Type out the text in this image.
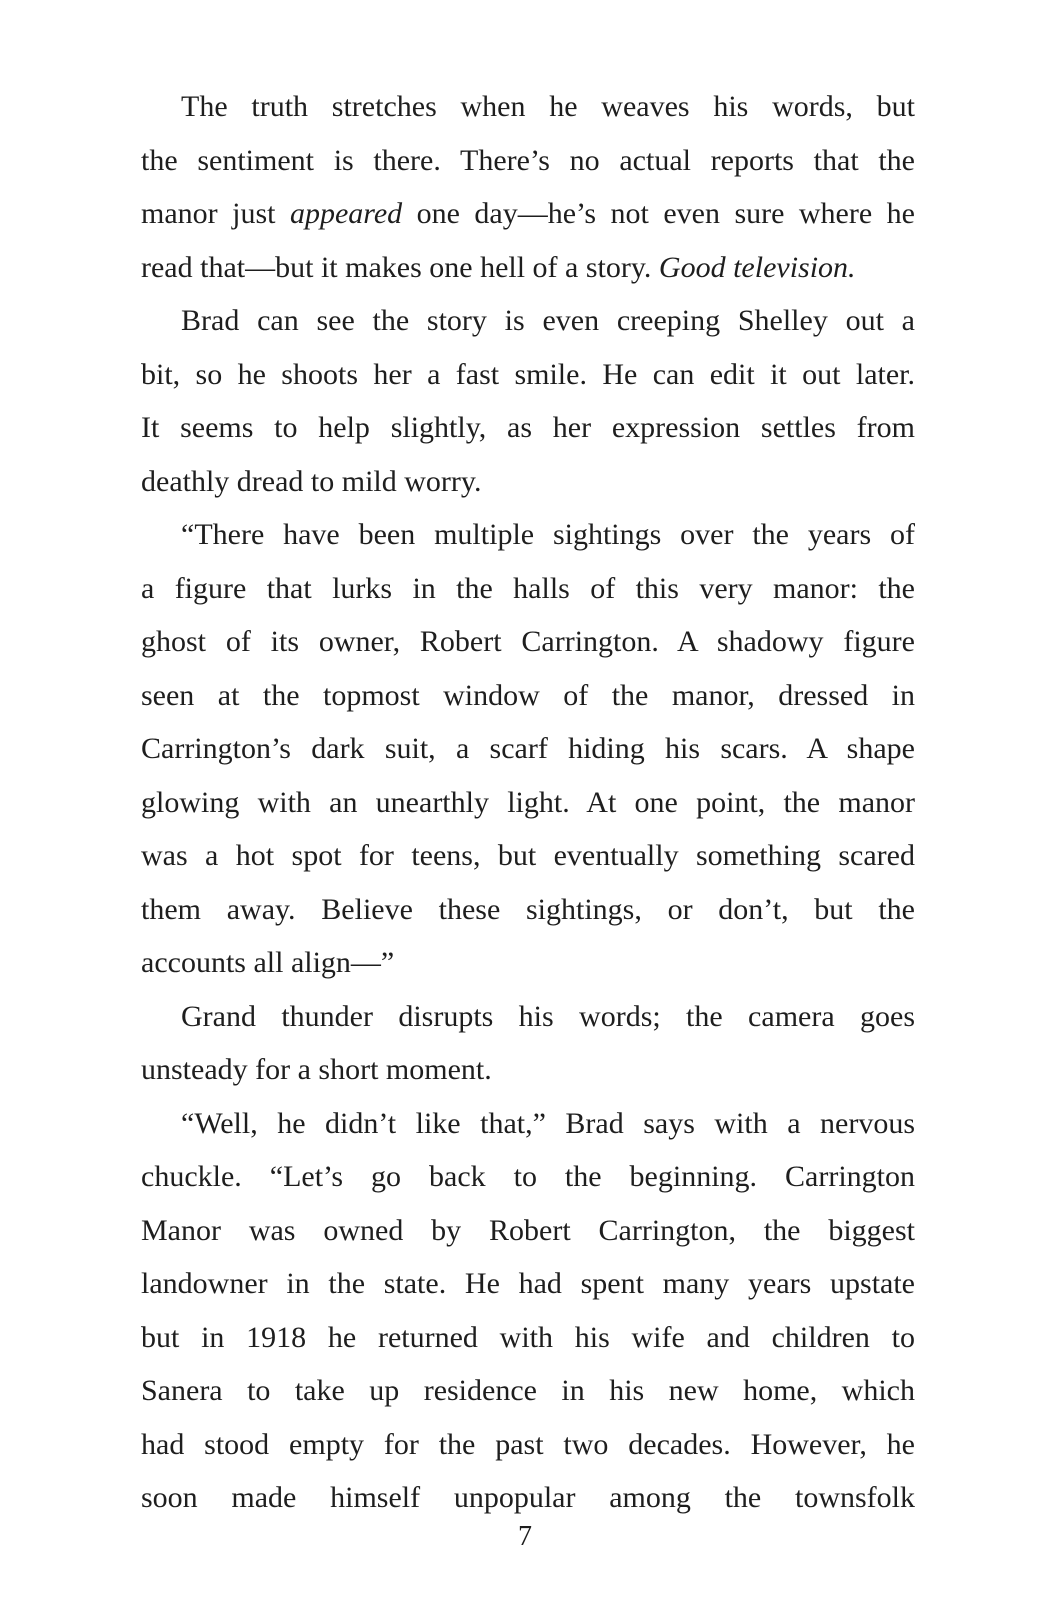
The truth stretches when he weaves his words, but
the sentiment is there. There’s no actual reports that the
manor just appeared one day—he’s not even sure where he
read that—but it makes one hell of a story. Good television.
Brad can see the story is even creeping Shelley out a
bit, so he shoots her a fast smile. He can edit it out later.
It seems to help slightly, as her expression settles from
deathly dread to mild worry.
“There have been multiple sightings over the years of
a figure that lurks in the halls of this very manor: the
ghost of its owner, Robert Carrington. A shadowy figure
seen at the topmost window of the manor, dressed in
Carrington’s dark suit, a scarf hiding his scars. A shape
glowing with an unearthly light. At one point, the manor
was a hot spot for teens, but eventually something scared
them away. Believe these sightings, or don’t, but the
accounts all align—”
Grand thunder disrupts his words; the camera goes
unsteady for a short moment.
“Well, he didn’t like that,” Brad says with a nervous
chuckle. “Let’s go back to the beginning. Carrington
Manor was owned by Robert Carrington, the biggest
landowner in the state. He had spent many years upstate
but in 1918 he returned with his wife and children to
Sanera to take up residence in his new home, which
had stood empty for the past two decades. However, he
soon made himself unpopular among the townsfolk
7
